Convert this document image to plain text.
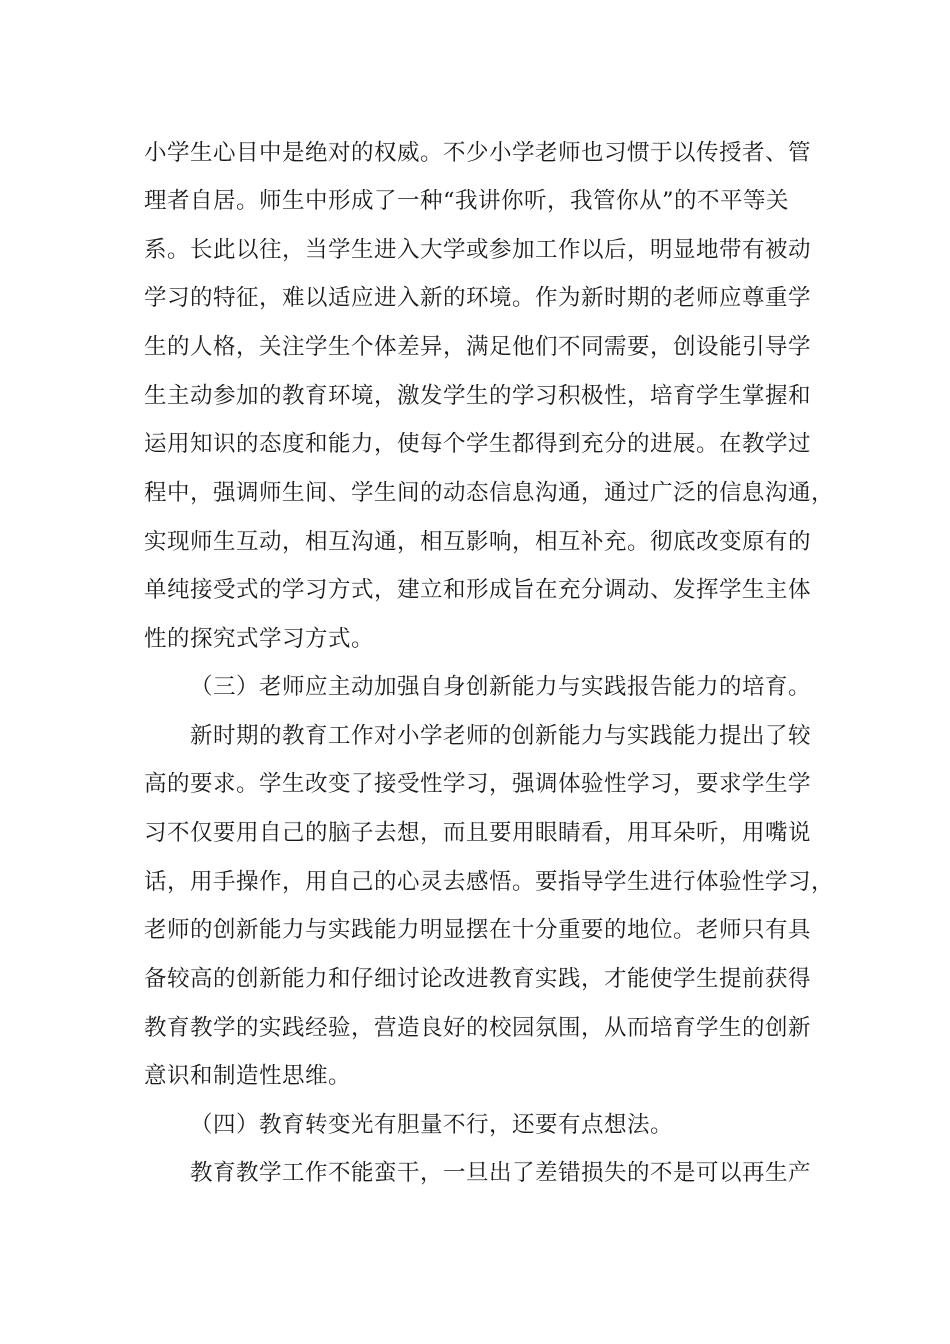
小学生心目中是绝对的权威。不少小学老师也习惯于以传授者、管
理者自居。师生中形成了一种“我讲你听，我管你从”的不平等关
系。长此以往，当学生进入大学或参加工作以后，明显地带有被动
学习的特征，难以适应进入新的环境。作为新时期的老师应尊重学
生的人格，关注学生个体差异，满足他们不同需要，创设能引导学
生主动参加的教育环境，激发学生的学习积极性，培育学生掌握和
运用知识的态度和能力，使每个学生都得到充分的进展。在教学过
程中，强调师生间、学生间的动态信息沟通，通过广泛的信息沟通，
实现师生互动，相互沟通，相互影响，相互补充。彻底改变原有的
单纯接受式的学习方式，建立和形成旨在充分调动、发挥学生主体
性的探究式学习方式。
（三）老师应主动加强自身创新能力与实践报告能力的培育。
新时期的教育工作对小学老师的创新能力与实践能力提出了较
高的要求。学生改变了接受性学习，强调体验性学习，要求学生学
习不仅要用自己的脑子去想，而且要用眼睛看，用耳朵听，用嘴说
话，用手操作，用自己的心灵去感悟。要指导学生进行体验性学习，
老师的创新能力与实践能力明显摆在十分重要的地位。老师只有具
备较高的创新能力和仔细讨论改进教育实践，才能使学生提前获得
教育教学的实践经验，营造良好的校园氛围，从而培育学生的创新
意识和制造性思维。
（四）教育转变光有胆量不行，还要有点想法。
教育教学工作不能蛮干，一旦出了差错损失的不是可以再生产
